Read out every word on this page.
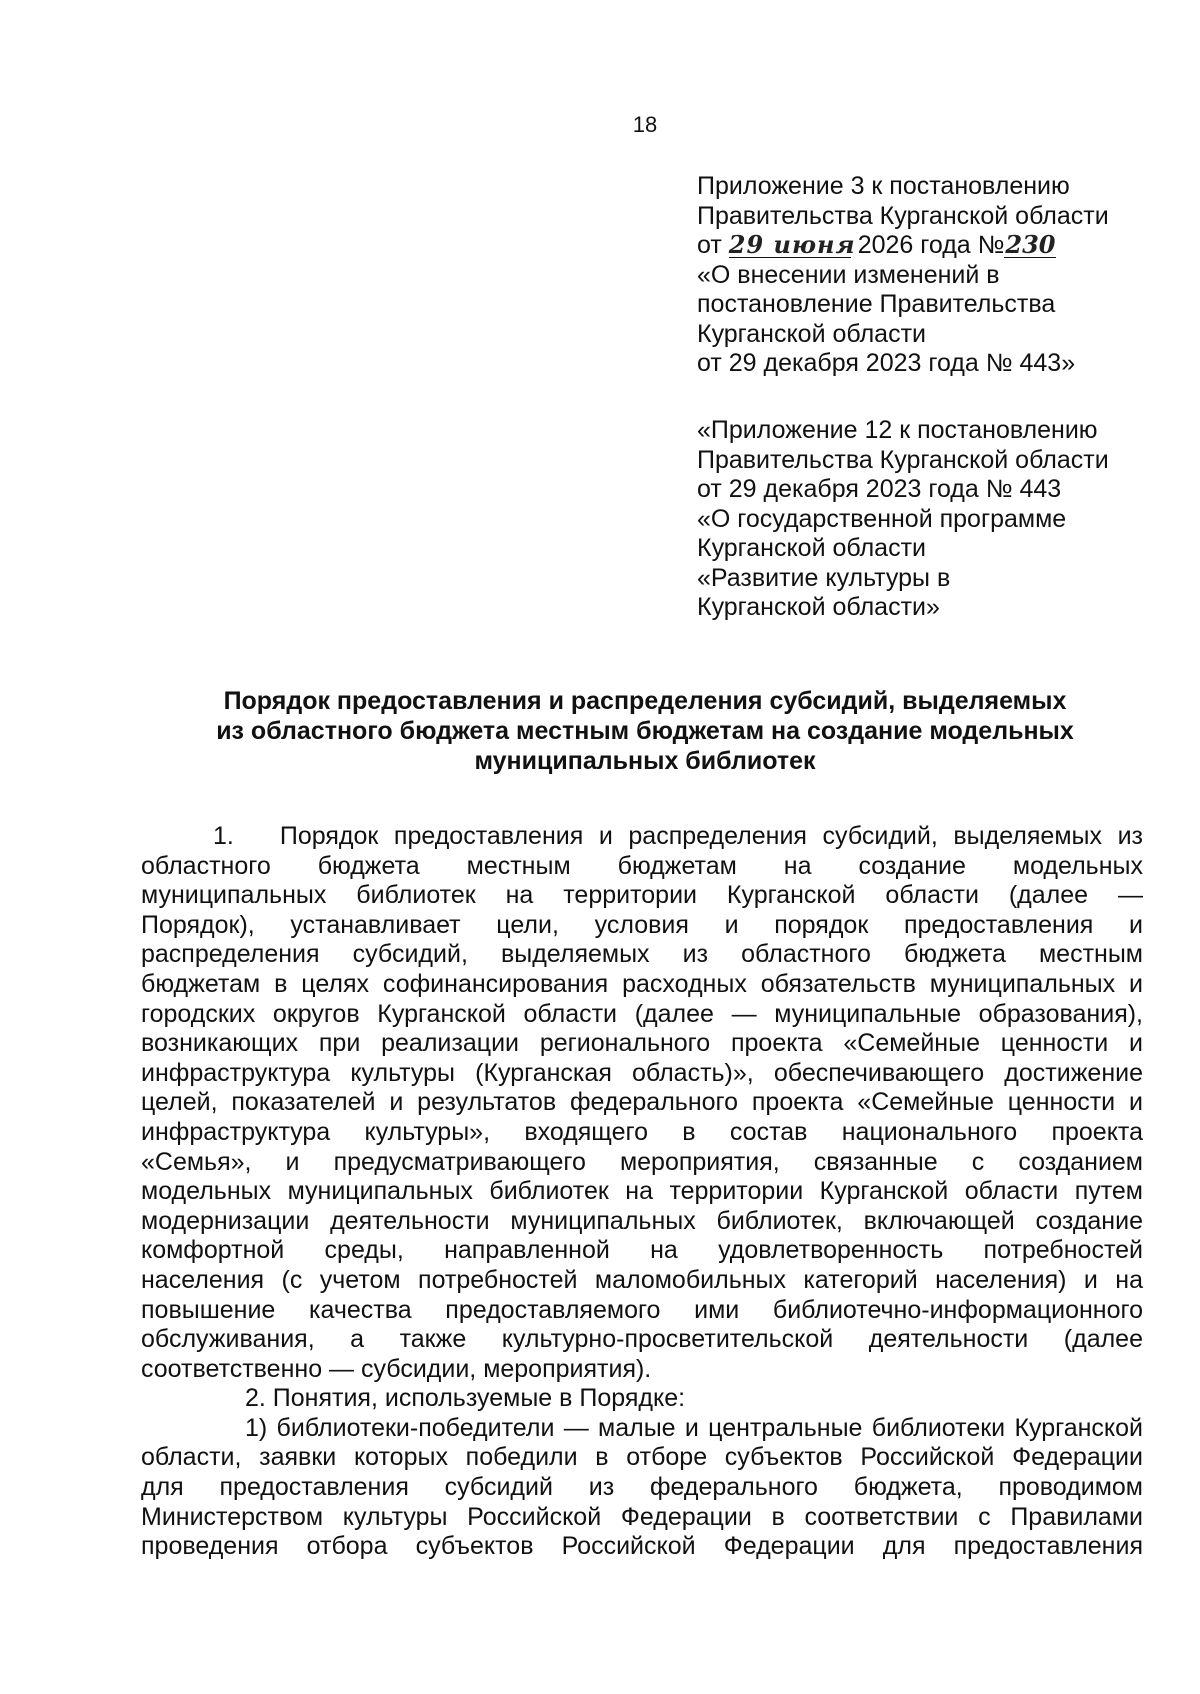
18
Приложение 3 к постановлению
Правительства Курганской области
от 29 июня 2026 года №230
«О внесении изменений в
постановление Правительства
Курганской области
от 29 декабря 2023 года № 443»
«Приложение 12 к постановлению
Правительства Курганской области
от 29 декабря 2023 года № 443
«О государственной программе
Курганской области
«Развитие культуры в
Курганской области»
Порядок предоставления и распределения субсидий, выделяемых
из областного бюджета местным бюджетам на создание модельных
муниципальных библиотек
1. Порядок предоставления и распределения субсидий, выделяемых из
областного бюджета местным бюджетам на создание модельных
муниципальных библиотек на территории Курганской области (далее —
Порядок), устанавливает цели, условия и порядок предоставления и
распределения субсидий, выделяемых из областного бюджета местным
бюджетам в целях софинансирования расходных обязательств муниципальных и
городских округов Курганской области (далее — муниципальные образования),
возникающих при реализации регионального проекта «Семейные ценности и
инфраструктура культуры (Курганская область)», обеспечивающего достижение
целей, показателей и результатов федерального проекта «Семейные ценности и
инфраструктура культуры», входящего в состав национального проекта
«Семья», и предусматривающего мероприятия, связанные с созданием
модельных муниципальных библиотек на территории Курганской области путем
модернизации деятельности муниципальных библиотек, включающей создание
комфортной среды, направленной на удовлетворенность потребностей
населения (с учетом потребностей маломобильных категорий населения) и на
повышение качества предоставляемого ими библиотечно-информационного
обслуживания, а также культурно-просветительской деятельности (далее
соответственно — субсидии, мероприятия).
2. Понятия, используемые в Порядке:
1) библиотеки-победители — малые и центральные библиотеки Курганской
области, заявки которых победили в отборе субъектов Российской Федерации
для предоставления субсидий из федерального бюджета, проводимом
Министерством культуры Российской Федерации в соответствии с Правилами
проведения отбора субъектов Российской Федерации для предоставления
